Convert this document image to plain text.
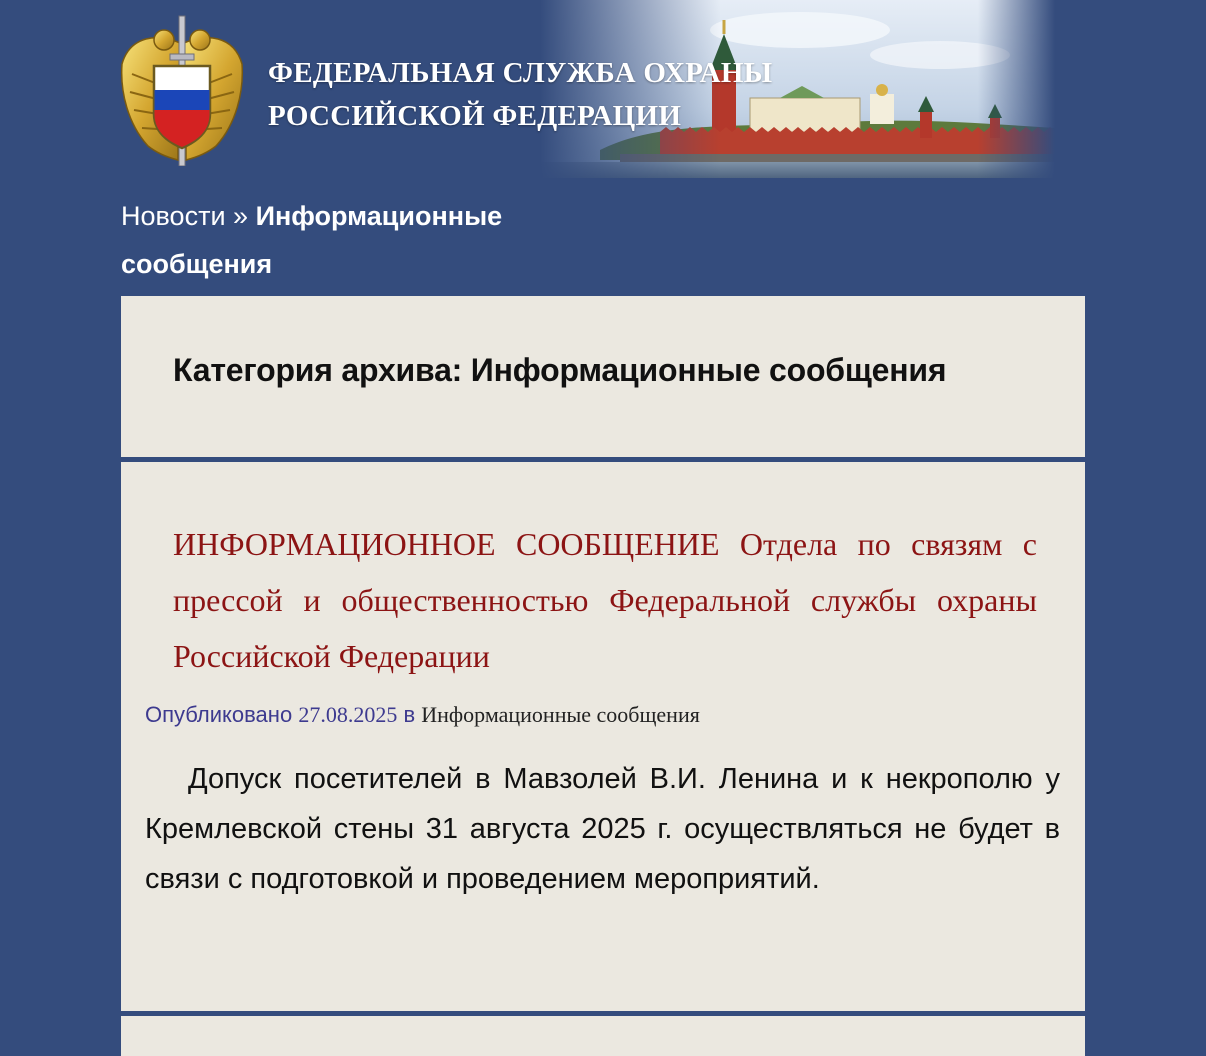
ФЕДЕРАЛЬНАЯ СЛУЖБА ОХРАНЫ
РОССИЙСКОЙ ФЕДЕРАЦИИ
Новости » Информационные сообщения
Категория архива: Информационные сообщения
ИНФОРМАЦИОННОЕ СООБЩЕНИЕ Отдела по связям с прессой и общественностью Федеральной службы охраны Российской Федерации
Опубликовано 27.08.2025 в Информационные сообщения

Допуск посетителей в Мавзолей В.И. Ленина и к некрополю у Кремлевской стены 31 августа 2025 г. осуществляться не будет в связи с подготовкой и проведением мероприятий.
